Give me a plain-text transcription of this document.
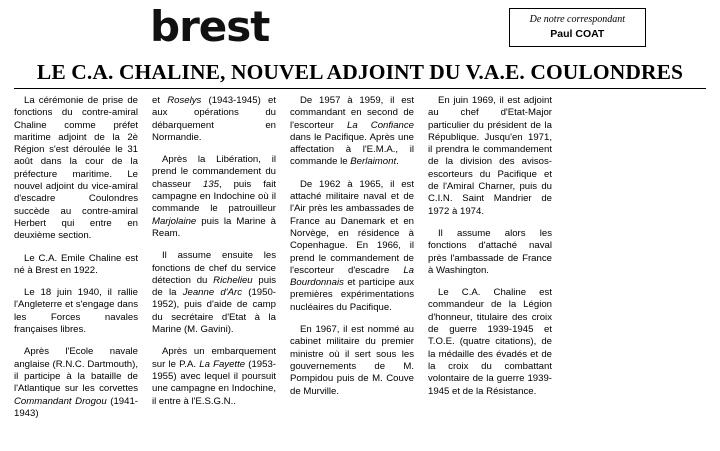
brest	De notre correspondant
Paul COAT
LE C.A. CHALINE, NOUVEL ADJOINT DU V.A.E. COULONDRES

La cérémonie de prise de fonctions du contre-amiral Chaline comme préfet maritime adjoint de la 2è Région s'est déroulée le 31 août dans la cour de la préfecture maritime. Le nouvel adjoint du vice-amiral d'escadre Coulondres succède au contre-amiral Herbert qui entre en deuxième section.

Le C.A. Emile Chaline est né à Brest en 1922.

Le 18 juin 1940, il rallie l'Angleterre et s'engage dans les Forces navales françaises libres.

Après l'Ecole navale anglaise (R.N.C. Dartmouth), il participe à la bataille de l'Atlantique sur les corvettes Commandant Drogou (1941-1943)

et Roselys (1943-1945) et aux opérations du débarquement en Normandie.

Après la Libération, il prend le commandement du chasseur 135, puis fait campagne en Indochine où il commande le patrouilleur Marjolaine puis la Marine à Ream.

Il assume ensuite les fonctions de chef du service détection du Richelieu puis de la Jeanne d'Arc (1950-1952), puis d'aide de camp du secrétaire d'Etat à la Marine (M. Gavini).

Après un embarquement sur le P.A. La Fayette (1953-1955) avec lequel il poursuit une campagne en Indochine, il entre à l'E.S.G.N..

De 1957 à 1959, il est commandant en second de l'escorteur La Confiance dans le Pacifique. Après une affectation à l'E.M.A., il commande le Berlaimont.

De 1962 à 1965, il est attaché militaire naval et de l'Air près les ambassades de France au Danemark et en Norvège, en résidence à Copenhague. En 1966, il prend le commandement de l'escorteur d'escadre La Bourdonnais et participe aux premières expérimentations nucléaires du Pacifique.

En 1967, il est nommé au cabinet militaire du premier ministre où il sert sous les gouvernements de M. Pompidou puis de M. Couve de Murville.

En juin 1969, il est adjoint au chef d'Etat-Major particulier du président de la République. Jusqu'en 1971, il prendra le commandement de la division des avisos-escorteurs du Pacifique et de l'Amiral Charner, puis du C.I.N. Saint Mandrier de 1972 à 1974.

Il assume alors les fonctions d'attaché naval près l'ambassade de France à Washington.

Le C.A. Chaline est commandeur de la Légion d'honneur, titulaire des croix de guerre 1939-1945 et T.O.E. (quatre citations), de la médaille des évadés et de la croix du combattant volontaire de la guerre 1939-1945 et de la Résistance.
